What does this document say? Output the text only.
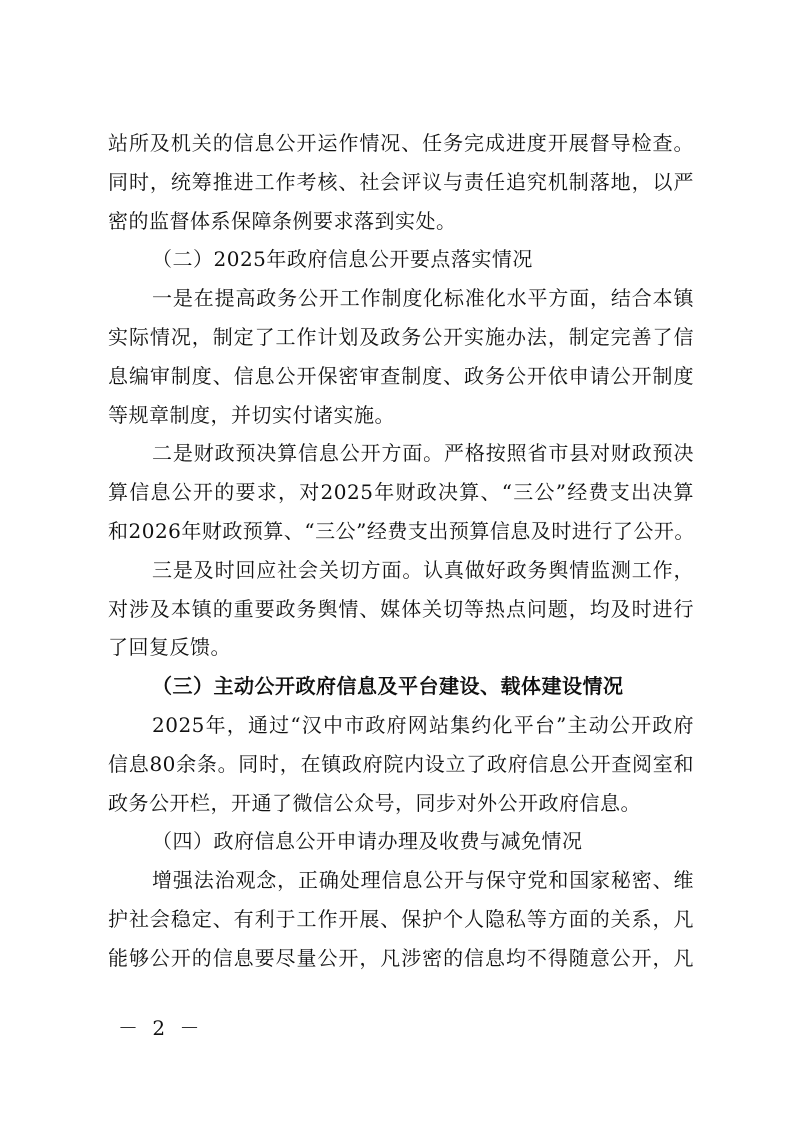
站所及机关的信息公开运作情况、任务完成进度开展督导检查。
同时，统筹推进工作考核、社会评议与责任追究机制落地，以严
密的监督体系保障条例要求落到实处。
（二）2025年政府信息公开要点落实情况
一是在提高政务公开工作制度化标准化水平方面，结合本镇
实际情况，制定了工作计划及政务公开实施办法，制定完善了信
息编审制度、信息公开保密审查制度、政务公开依申请公开制度
等规章制度，并切实付诸实施。
二是财政预决算信息公开方面。严格按照省市县对财政预决
算信息公开的要求，对2025年财政决算、“三公”经费支出决算
和2026年财政预算、“三公”经费支出预算信息及时进行了公开。
三是及时回应社会关切方面。认真做好政务舆情监测工作，
对涉及本镇的重要政务舆情、媒体关切等热点问题，均及时进行
了回复反馈。
（三）主动公开政府信息及平台建设、载体建设情况
2025年，通过“汉中市政府网站集约化平台”主动公开政府
信息80余条。同时，在镇政府院内设立了政府信息公开查阅室和
政务公开栏，开通了微信公众号，同步对外公开政府信息。
（四）政府信息公开申请办理及收费与减免情况
增强法治观念，正确处理信息公开与保守党和国家秘密、维
护社会稳定、有利于工作开展、保护个人隐私等方面的关系，凡
能够公开的信息要尽量公开，凡涉密的信息均不得随意公开，凡
－ 2 －
